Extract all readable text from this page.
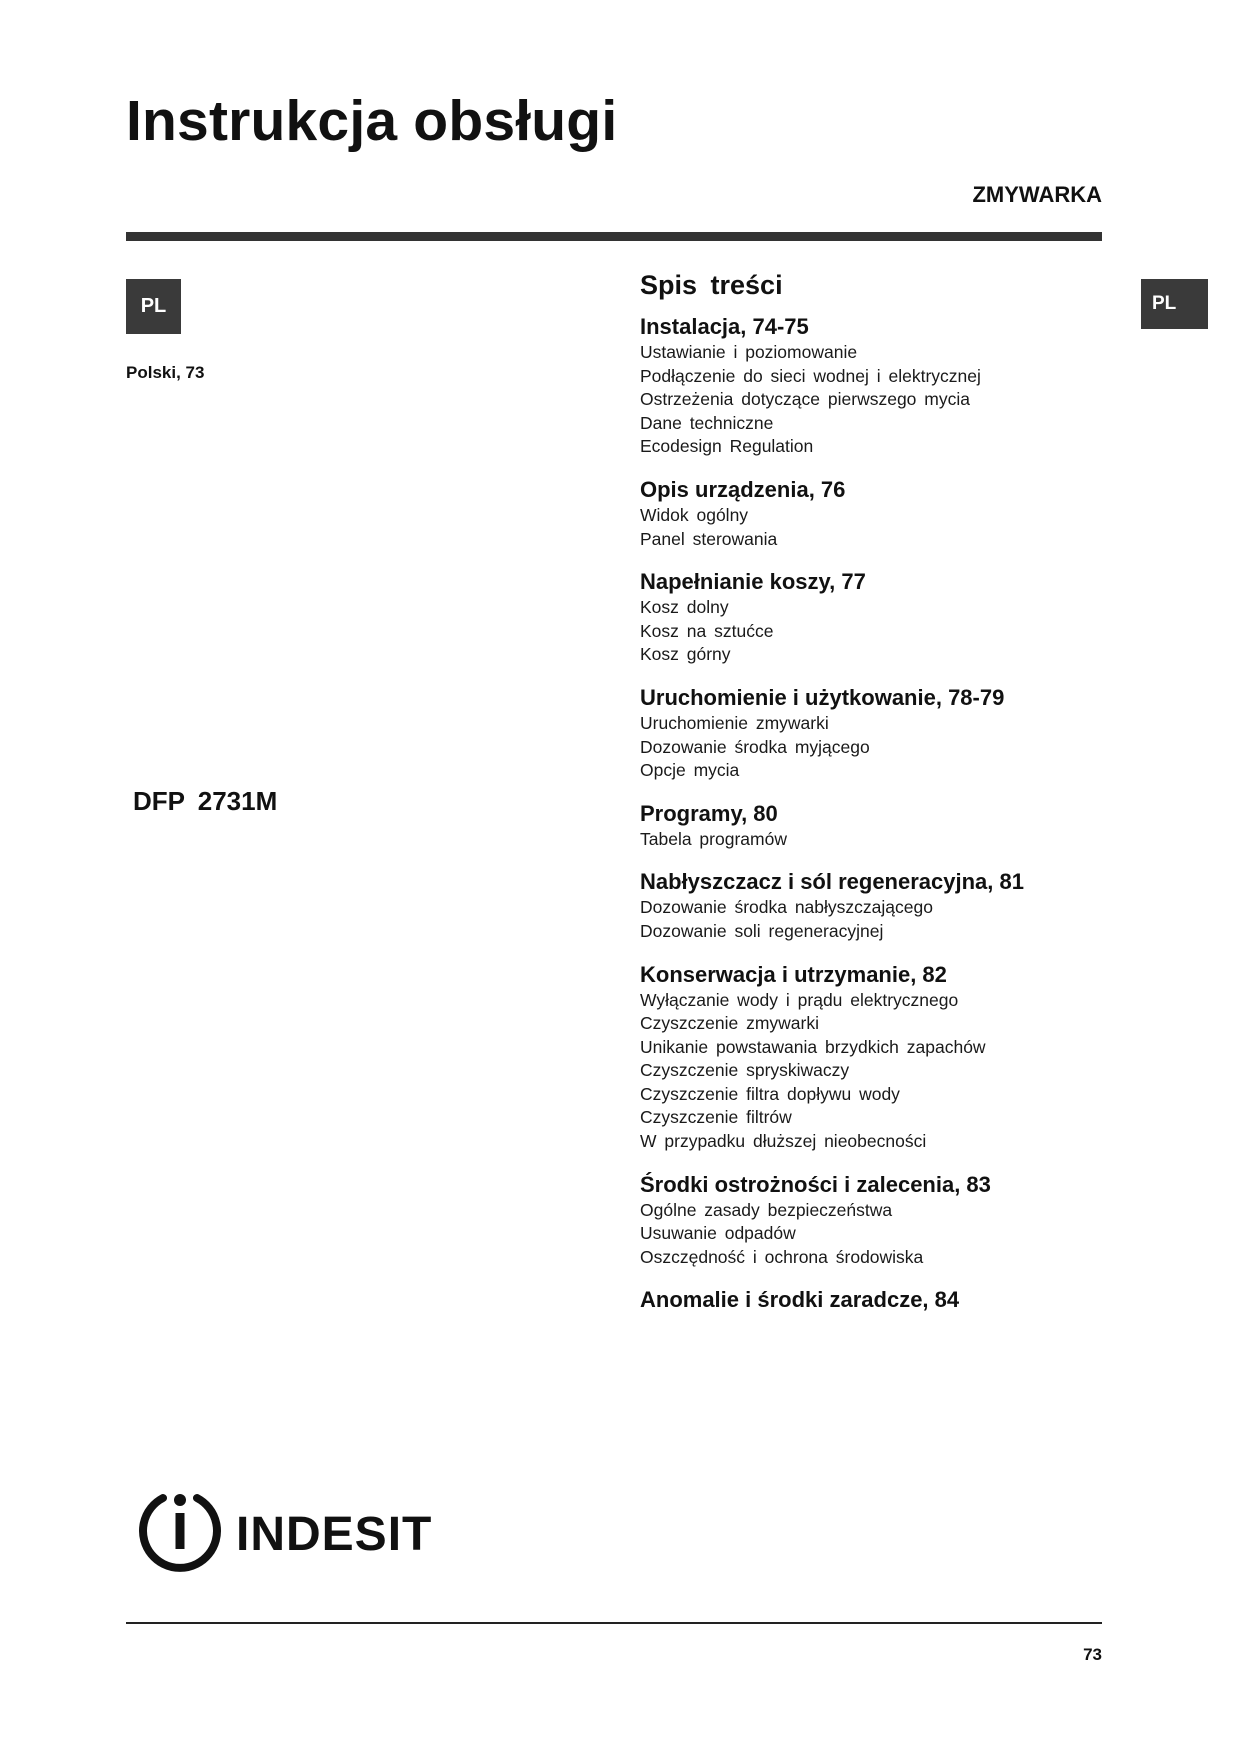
Instrukcja obsługi
ZMYWARKA
PL	PL
Polski, 73
DFP 2731M
Spis treści
Instalacja, 74-75
Ustawianie i poziomowanie
Podłączenie do sieci wodnej i elektrycznej
Ostrzeżenia dotyczące pierwszego mycia
Dane techniczne
Ecodesign Regulation
Opis urządzenia, 76
Widok ogólny
Panel sterowania
Napełnianie koszy, 77
Kosz dolny
Kosz na sztućce
Kosz górny
Uruchomienie i użytkowanie, 78-79
Uruchomienie zmywarki
Dozowanie środka myjącego
Opcje mycia
Programy, 80
Tabela programów
Nabłyszczacz i sól regeneracyjna, 81
Dozowanie środka nabłyszczającego
Dozowanie soli regeneracyjnej
Konserwacja i utrzymanie, 82
Wyłączanie wody i prądu elektrycznego
Czyszczenie zmywarki
Unikanie powstawania brzydkich zapachów
Czyszczenie spryskiwaczy
Czyszczenie filtra dopływu wody
Czyszczenie filtrów
W przypadku dłuższej nieobecności
Środki ostrożności i zalecenia, 83
Ogólne zasady bezpieczeństwa
Usuwanie odpadów
Oszczędność i ochrona środowiska
Anomalie i środki zaradcze, 84
INDESIT
73
